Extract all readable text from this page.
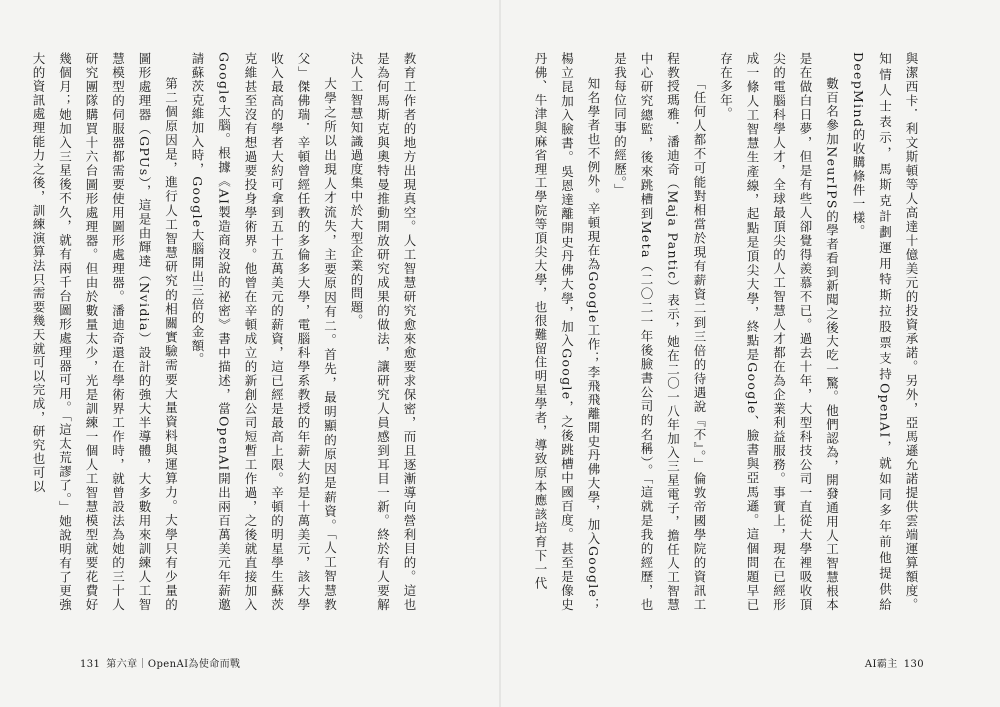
教育工作者的地方出現真空。人工智慧研究愈來愈要求保密，而且逐漸導向營利目的。這也是為何馬斯克與奧特曼推動開放研究成果的做法，讓研究人員感到耳目一新。終於有人要解決人工智慧知識過度集中於大型企業的問題。

大學之所以出現人才流失，主要原因有二。首先，最明顯的原因是薪資。「人工智慧教父」傑佛瑞．辛頓曾經任教的多倫多大學，電腦科學系教授的年薪大約是十萬美元，該大學收入最高的學者大約可拿到五十五萬美元的薪資，這已經是最高上限。辛頓的明星學生蘇茨克維甚至沒有想過要投身學術界。他曾在辛頓成立的新創公司短暫工作過，之後就直接加入Google大腦。根據《AI製造商沒說的祕密》書中描述，當OpenAI開出兩百萬美元年薪邀請蘇茨克維加入時，Google大腦開出三倍的金額。

第二個原因是，進行人工智慧研究的相關實驗需要大量資料與運算力。大學只有少量的圖形處理器（GPUs），這是由輝達（Nvidia）設計的強大半導體，大多數用來訓練人工智慧模型的伺服器都需要使用圖形處理器。潘迪奇還在學術界工作時，就曾設法為她的三十人研究團隊購買十六台圖形處理器。但由於數量太少，光是訓練一個人工智慧模型就要花費好幾個月；她加入三星後不久，就有兩千台圖形處理器可用。「這太荒謬了。」她說明有了更強大的資訊處理能力之後，訓練演算法只需要幾天就可以完成，研究也可以	與潔西卡．利文斯頓等人高達十億美元的投資承諾。另外，亞馬遜允諾提供雲端運算額度。知情人士表示，馬斯克計劃運用特斯拉股票支持OpenAI，就如同多年前他提供給DeepMind的收購條件一樣。

數百名參加NeurIPS的學者看到新聞之後大吃一驚。他們認為，開發通用人工智慧根本是在做白日夢，但是有些人卻覺得羨慕不已。過去十年，大型科技公司一直從大學裡吸收頂尖的電腦科學人才，全球最頂尖的人工智慧人才都在為企業利益服務。事實上，現在已經形成一條人工智慧生產線，起點是頂尖大學，終點是Google、臉書與亞馬遜。這個問題早已存在多年。

「任何人都不可能對相當於現有薪資二到三倍的待遇說『不』。」倫敦帝國學院的資訊工程教授瑪雅．潘迪奇（Maja Pantic）表示，她在二〇一八年加入三星電子，擔任人工智慧中心研究總監，後來跳槽到Meta（二〇二一年後臉書公司的名稱）。「這就是我的經歷，也是我每位同事的經歷。」

知名學者也不例外。辛頓現在為Google工作；李飛飛離開史丹佛大學，加入Google；楊立昆加入臉書。吳恩達離開史丹佛大學，加入Google，之後跳槽中國百度。甚至是像史丹佛、牛津與麻省理工學院等頂尖大學，也很難留住明星學者，導致原本應該培育下一代

131 第六章｜OpenAI為使命而戰	AI霸主 130
